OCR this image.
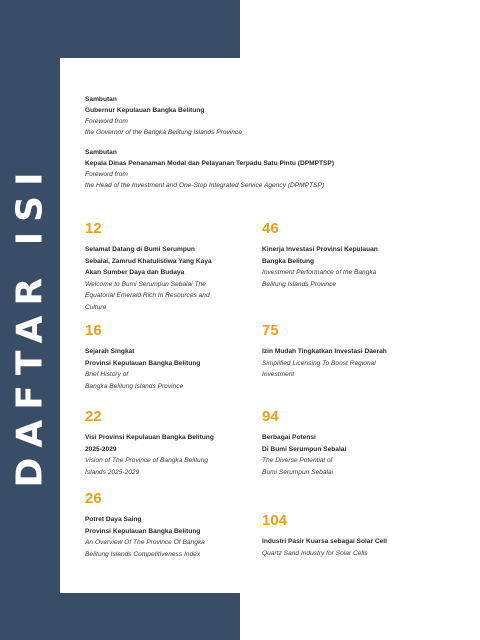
DAFTAR ISI
Sambutan
Gubernur Kepulauan Bangka Belitung
Foreword from
the Governor of the Bangka Belitung Islands Province
Sambutan
Kepala Dinas Penanaman Modal dan Pelayanan Terpadu Satu Pintu (DPMPTSP)
Foreword from
the Head of the Investment and One-Stop Integrated Service Agency (DPMPTSP)
12
Selamat Datang di Bumi Serumpun
Sebalai, Zamrud Khatulistiwa Yang Kaya
Akan Sumber Daya dan Budaya
Welcome to Bumi Serumpun Sebalai The
Equatorial Emerald Rich In Resources and
Culture
46
Kinerja Investasi Provinsi Kepulauan
Bangka Belitung
Investment Performance of the Bangka
Belitung Islands Province
16
Sejarah Singkat
Provinsi Kepulauan Bangka Belitung
Brief History of
Bangka Belitung Islands Province
75
Izin Mudah Tingkatkan Investasi Daerah
Simplified Licensing To Boost Regional
Investment
22
Visi Provinsi Kepulauan Bangka Belitung
2025-2029
Vision of The Province of Bangka Belitung
Islands 2025-2029
94
Berbagai Potensi
Di Bumi Serumpun Sebalai
The Diverse Potential of
Bumi Serumpun Sebalai
26
Potret Daya Saing
Provinsi Kepulauan Bangka Belitung
An Overview Of The Province Of Bangka
Belitung Islands Competitiveness Index
104
Industri Pasir Kuarsa sebagai Solar Cell
Quartz Sand Industry for Solar Cells
